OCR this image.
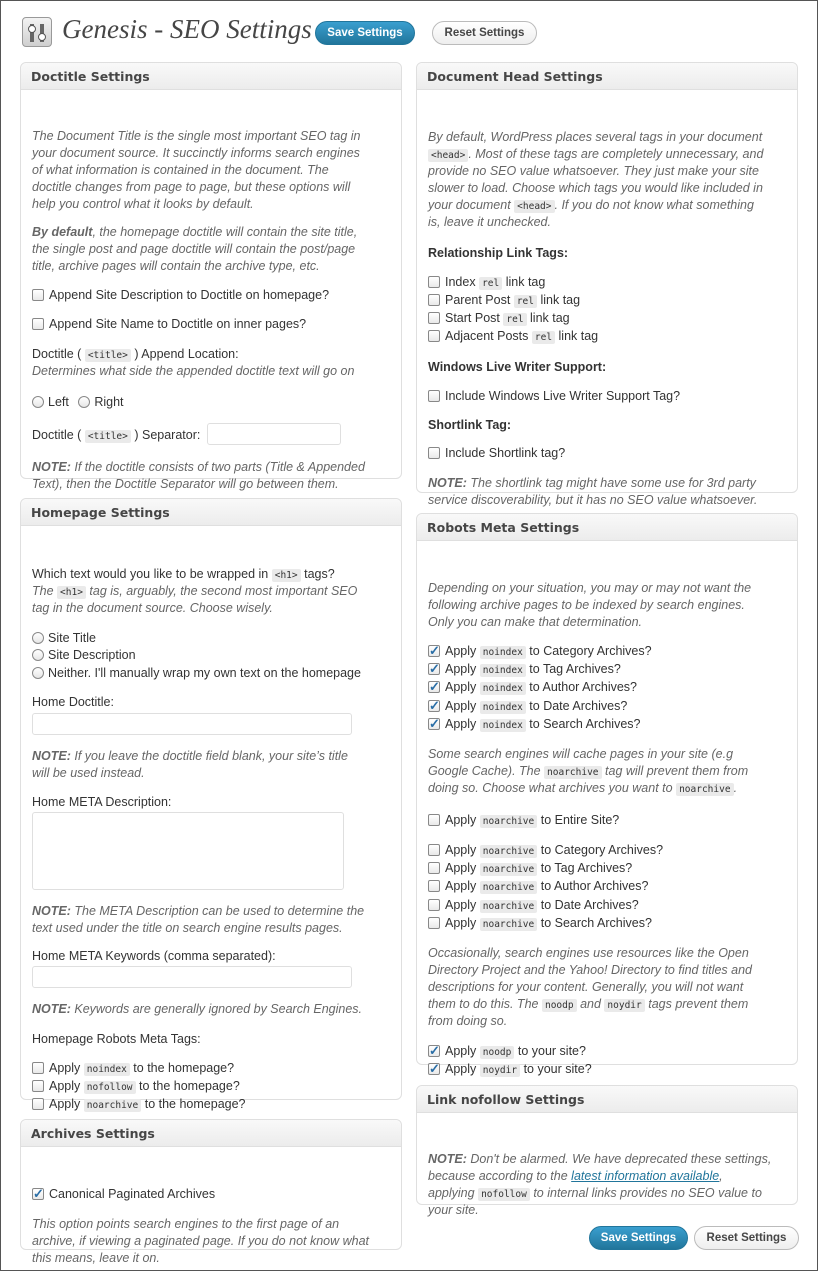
Genesis - SEO Settings	Save Settings	Reset Settings
Doctitle Settings
The Document Title is the single most important SEO tag in
your document source. It succinctly informs search engines
of what information is contained in the document. The
doctitle changes from page to page, but these options will
help you control what it looks by default.
By default, the homepage doctitle will contain the site title,
the single post and page doctitle will contain the post/page
title, archive pages will contain the archive type, etc.
Append Site Description to Doctitle on homepage?
Append Site Name to Doctitle on inner pages?
Doctitle ( <title> ) Append Location:
Determines what side the appended doctitle text will go on
Left Right
Doctitle ( <title> ) Separator:
NOTE: If the doctitle consists of two parts (Title & Appended
Text), then the Doctitle Separator will go between them.
Homepage Settings
Which text would you like to be wrapped in <h1> tags?
The <h1> tag is, arguably, the second most important SEO
tag in the document source. Choose wisely.
Site Title
Site Description
Neither. I'll manually wrap my own text on the homepage
Home Doctitle:
NOTE: If you leave the doctitle field blank, your site’s title
will be used instead.
Home META Description:
NOTE: The META Description can be used to determine the
text used under the title on search engine results pages.
Home META Keywords (comma separated):
NOTE: Keywords are generally ignored by Search Engines.
Homepage Robots Meta Tags:
Apply noindex to the homepage?
Apply nofollow to the homepage?
Apply noarchive to the homepage?
Archives Settings
✓Canonical Paginated Archives
This option points search engines to the first page of an
archive, if viewing a paginated page. If you do not know what
this means, leave it on.
Document Head Settings
By default, WordPress places several tags in your document
<head> . Most of these tags are completely unnecessary, and
provide no SEO value whatsoever. They just make your site
slower to load. Choose which tags you would like included in
your document <head> . If you do not know what something
is, leave it unchecked.
Relationship Link Tags:
Index rel link tag
Parent Post rel link tag
Start Post rel link tag
Adjacent Posts rel link tag
Windows Live Writer Support:
Include Windows Live Writer Support Tag?
Shortlink Tag:
Include Shortlink tag?
NOTE: The shortlink tag might have some use for 3rd party
service discoverability, but it has no SEO value whatsoever.
Robots Meta Settings
Depending on your situation, you may or may not want the
following archive pages to be indexed by search engines.
Only you can make that determination.
✓Apply noindex to Category Archives?
✓Apply noindex to Tag Archives?
✓Apply noindex to Author Archives?
✓Apply noindex to Date Archives?
✓Apply noindex to Search Archives?
Some search engines will cache pages in your site (e.g
Google Cache). The noarchive tag will prevent them from
doing so. Choose what archives you want to noarchive .
Apply noarchive to Entire Site?
Apply noarchive to Category Archives?
Apply noarchive to Tag Archives?
Apply noarchive to Author Archives?
Apply noarchive to Date Archives?
Apply noarchive to Search Archives?
Occasionally, search engines use resources like the Open
Directory Project and the Yahoo! Directory to find titles and
descriptions for your content. Generally, you will not want
them to do this. The noodp and noydir tags prevent them
from doing so.
✓Apply noodp to your site?
✓Apply noydir to your site?
Link nofollow Settings
NOTE: Don't be alarmed. We have deprecated these settings,
because according to the latest information available,
applying nofollow to internal links provides no SEO value to
your site.
Save Settings	Reset Settings
